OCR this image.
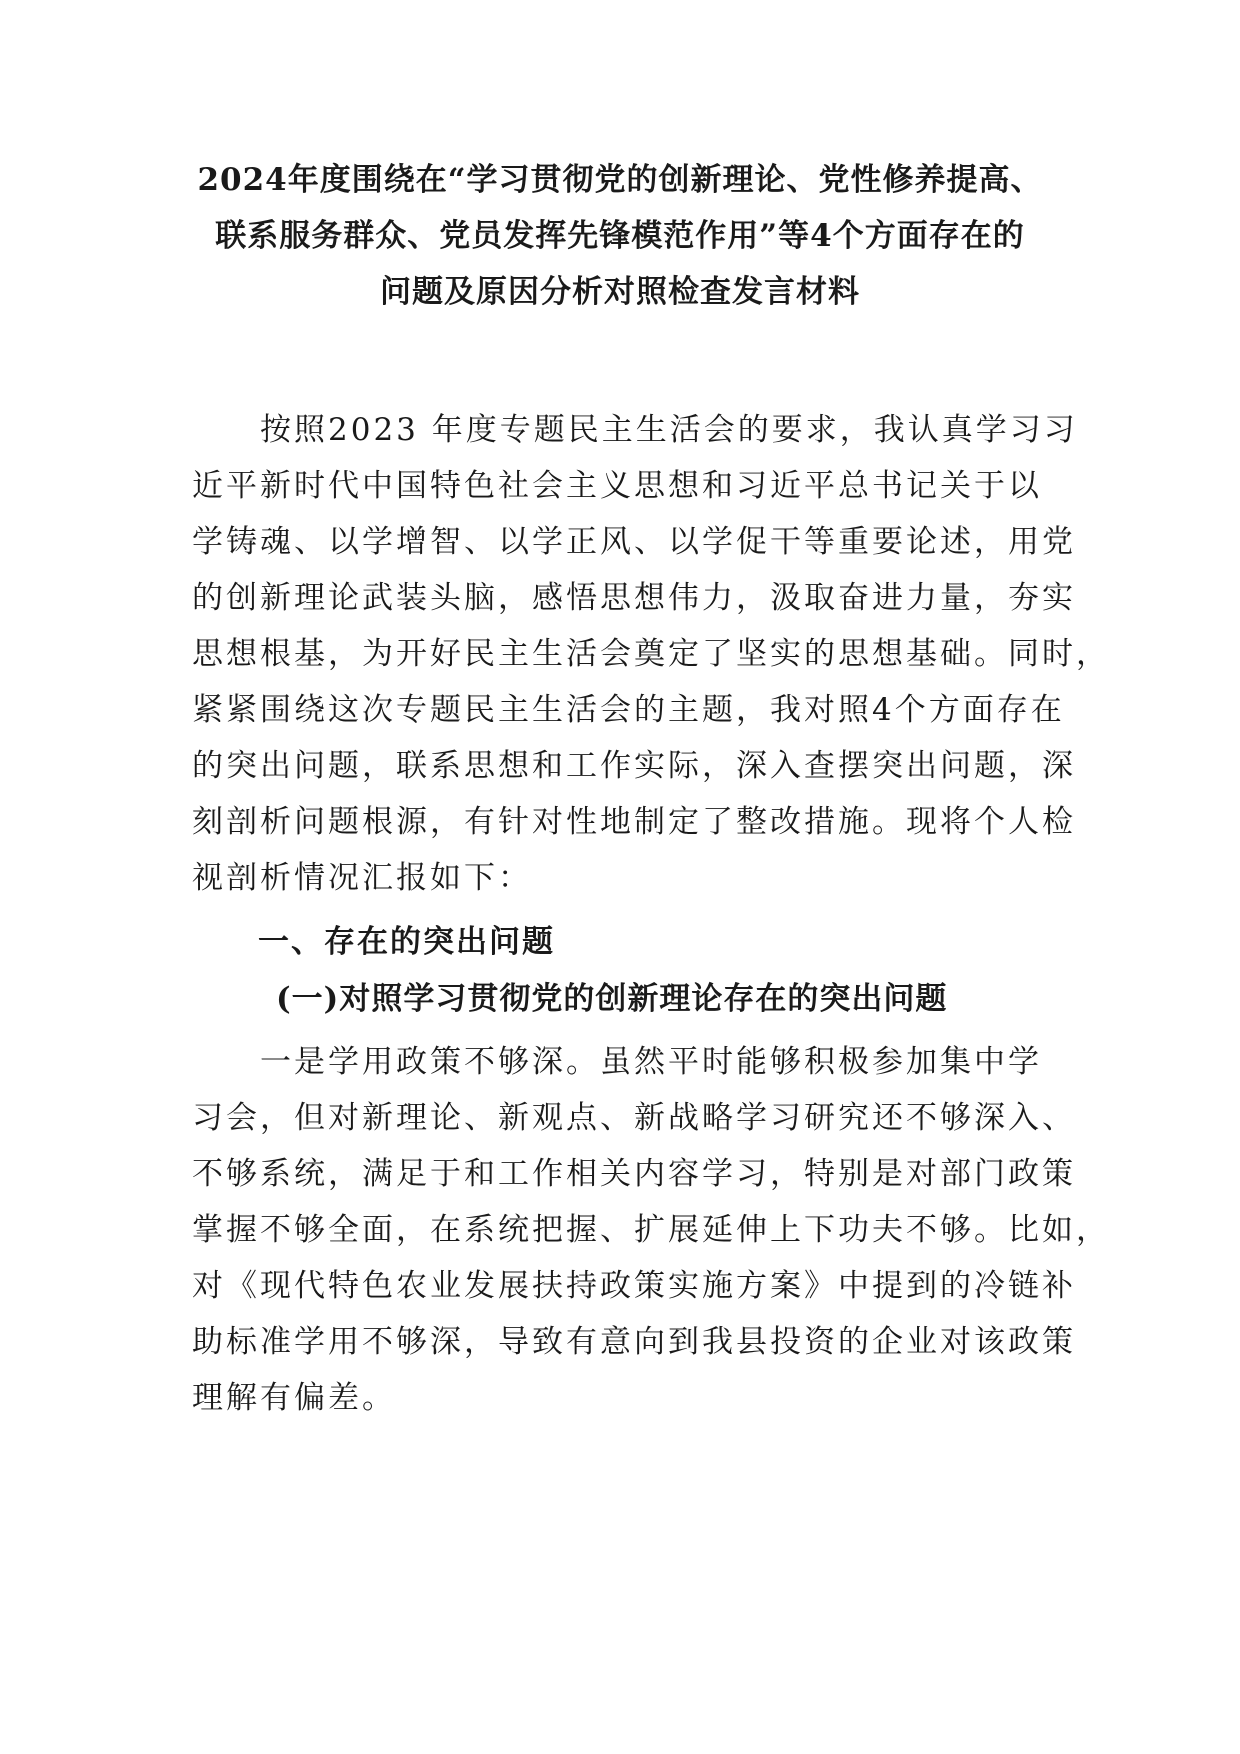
2024年度围绕在“学习贯彻党的创新理论、党性修养提高、
联系服务群众、党员发挥先锋模范作用”等4个方面存在的
问题及原因分析对照检查发言材料

　　按照2023 年度专题民主生活会的要求，我认真学习习
近平新时代中国特色社会主义思想和习近平总书记关于以
学铸魂、以学增智、以学正风、以学促干等重要论述，用党
的创新理论武装头脑，感悟思想伟力，汲取奋进力量，夯实
思想根基，为开好民主生活会奠定了坚实的思想基础。同时，
紧紧围绕这次专题民主生活会的主题，我对照4个方面存在
的突出问题，联系思想和工作实际，深入查摆突出问题，深
刻剖析问题根源，有针对性地制定了整改措施。现将个人检
视剖析情况汇报如下：

一、存在的突出问题
(一)对照学习贯彻党的创新理论存在的突出问题

　　一是学用政策不够深。虽然平时能够积极参加集中学
习会，但对新理论、新观点、新战略学习研究还不够深入、
不够系统，满足于和工作相关内容学习，特别是对部门政策
掌握不够全面，在系统把握、扩展延伸上下功夫不够。比如，
对《现代特色农业发展扶持政策实施方案》中提到的冷链补
助标准学用不够深，导致有意向到我县投资的企业对该政策
理解有偏差。
